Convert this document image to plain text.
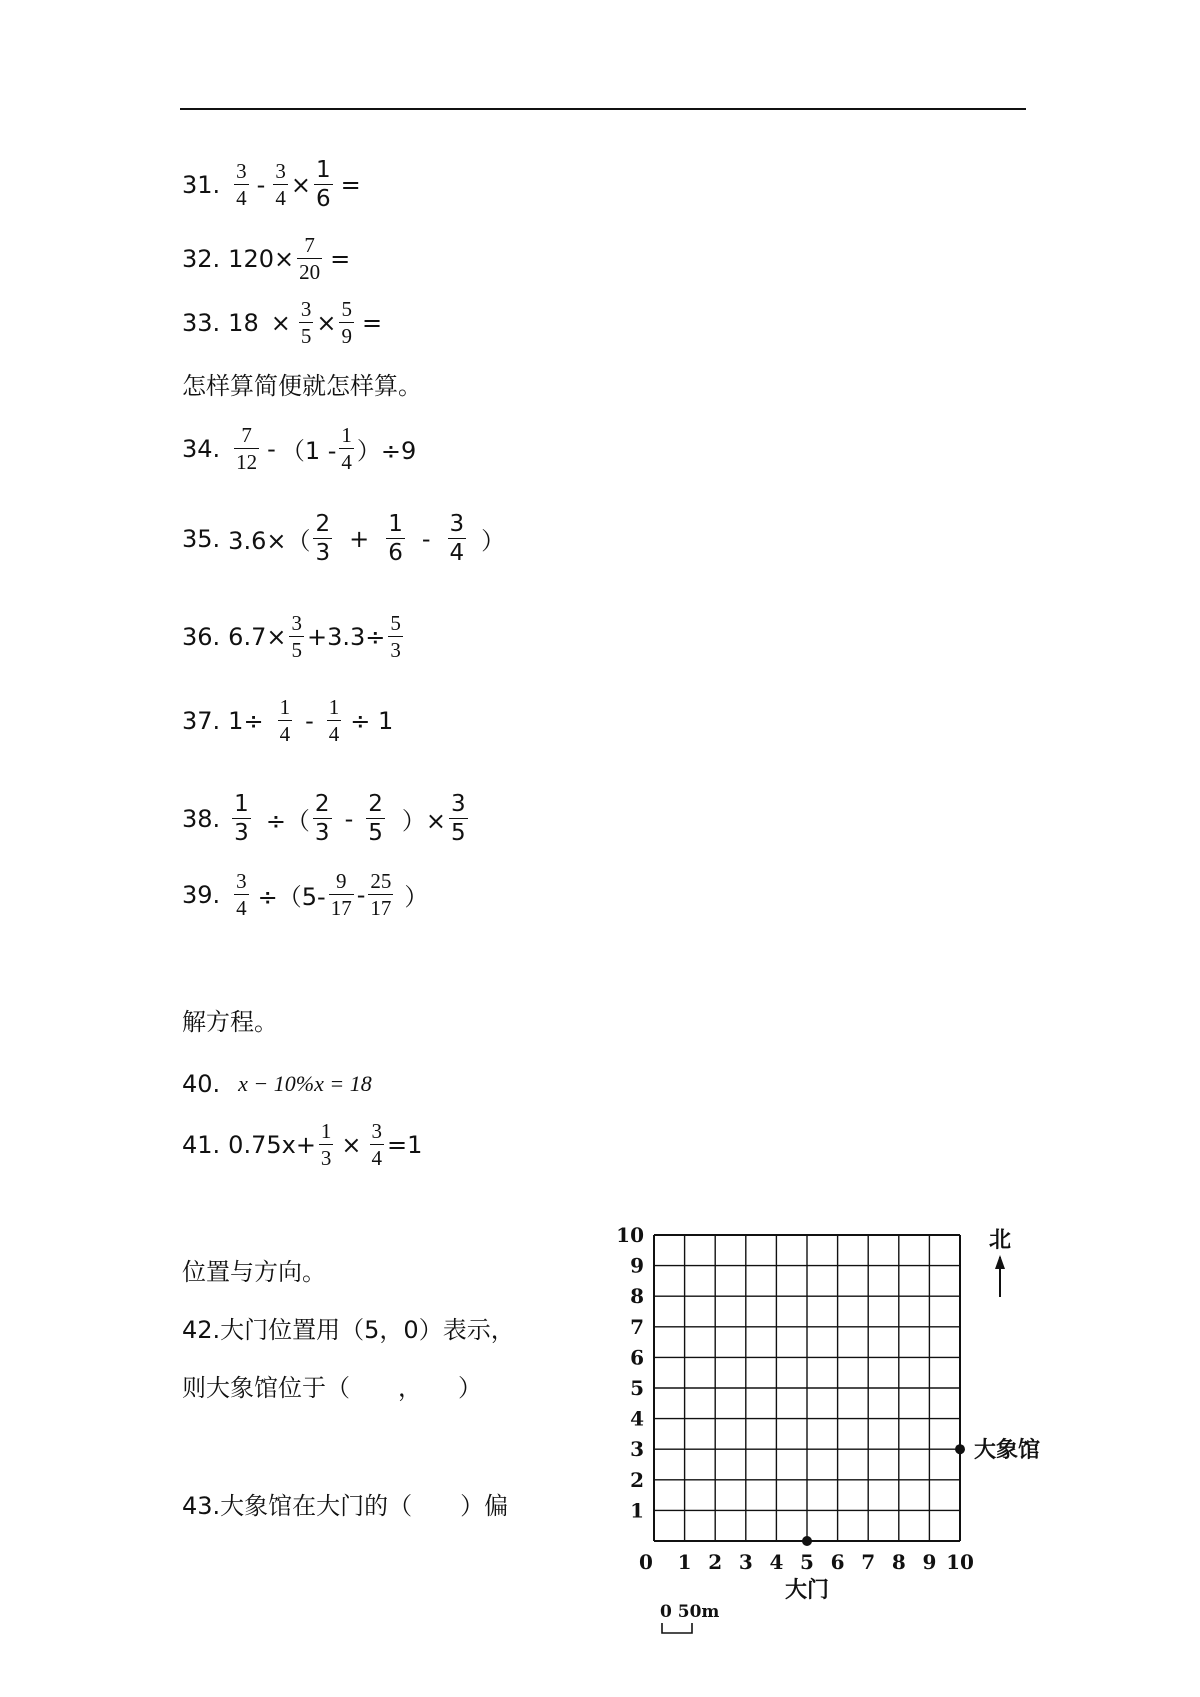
31. $\frac{3}{4} - \frac{3}{4} \times \frac{1}{6}$ =
32. $120\times \frac{7}{20}$ =
33. $18 \times \frac{3}{5} \times \frac{5}{9}$ =
怎样算简便就怎样算。
34. $\frac{7}{12} - (1 - \frac{1}{4} )\div 9$
35. $3.6\times( \frac{2}{3} + \frac{1}{6} - \frac{3}{4}$ ）
36. $6.7\times \frac{3}{5} +3.3\div \frac{5}{3}$
37. $1\div \frac{1}{4} - \frac{1}{4} \div 1$
38. $\frac{1}{3}$ ÷（ $\frac{2}{3} - \frac{2}{5}$ ）× $\frac{3}{5}$
39. $\frac{3}{4} \div(5- \frac{9}{17} - \frac{25}{17}$ ）
解方程。
40. x − 10%x = 18
41. $0.75x+ \frac{1}{3} \times \frac{3}{4} =1$
位置与方向。
42.大门位置用（5，0）表示，
则大象馆位于（　　，　　）
43.大象馆在大门的（　　）偏
0 1 2 3 4 5 6 7 8 9 10
1
2
3
4
5
6
7
8
9
10
大门
大象馆
北
0 50m
